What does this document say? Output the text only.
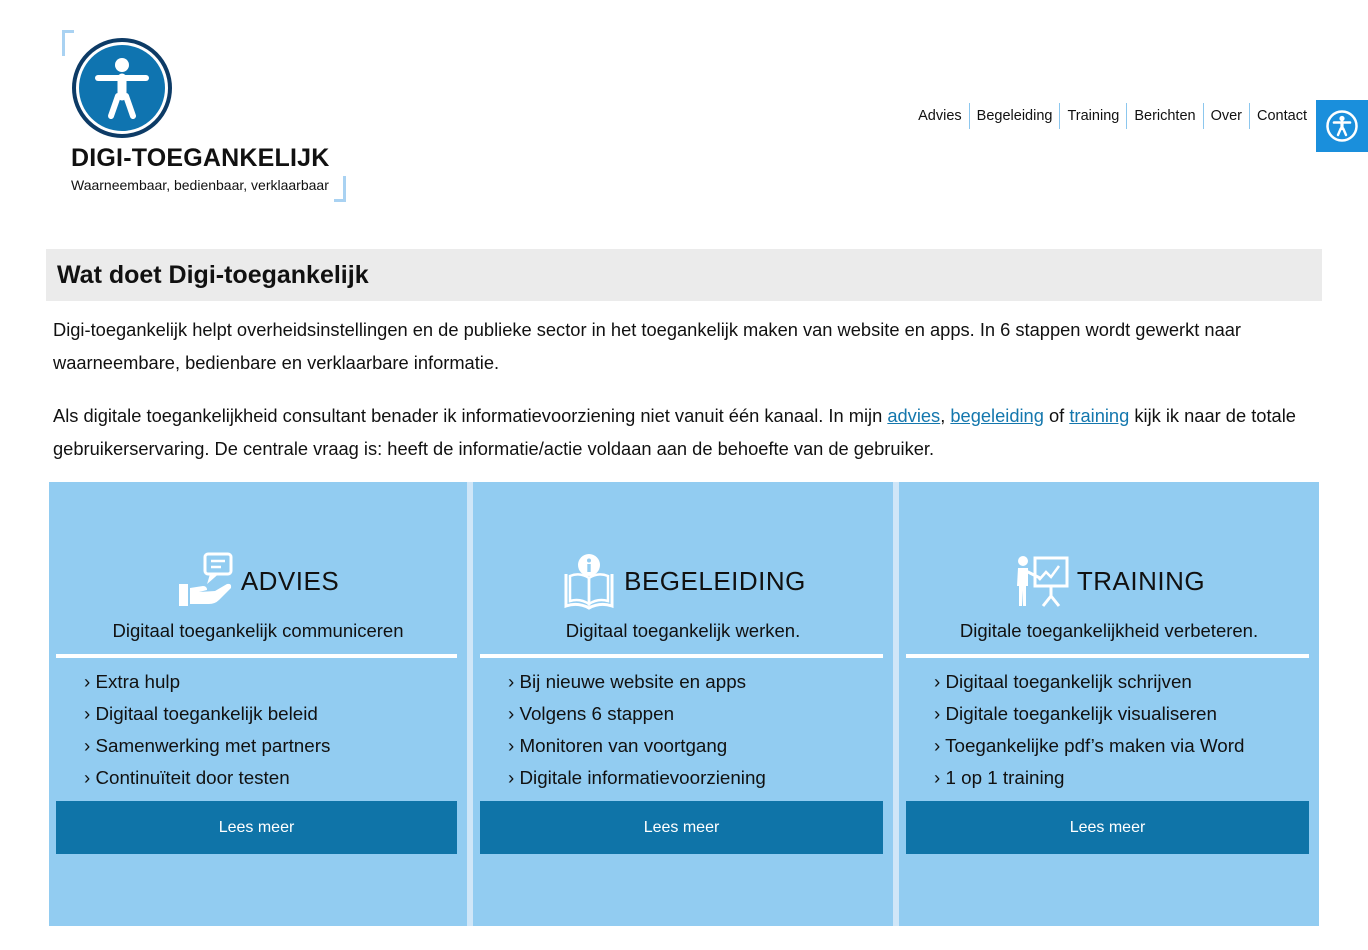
DIGI-TOEGANKELIJK
Waarneembaar, bedienbaar, verklaarbaar
Advies	Begeleiding	Training	Berichten	Over	Contact
Wat doet Digi-toegankelijk

Digi-toegankelijk helpt overheidsinstellingen en de publieke sector in het toegankelijk maken van website en apps. In 6 stappen wordt gewerkt naar waarneembare, bedienbare en verklaarbare informatie.

Als digitale toegankelijkheid consultant benader ik informatievoorziening niet vanuit één kanaal. In mijn advies, begeleiding of training kijk ik naar de totale gebruikerservaring. De centrale vraag is: heeft de informatie/actie voldaan aan de behoefte van de gebruiker.

ADVIES
Digitaal toegankelijk communiceren
› Extra hulp
› Digitaal toegankelijk beleid
› Samenwerking met partners
› Continuïteit door testen
Lees meer
BEGELEIDING
Digitaal toegankelijk werken.
› Bij nieuwe website en apps
› Volgens 6 stappen
› Monitoren van voortgang
› Digitale informatievoorziening
Lees meer
TRAINING
Digitale toegankelijkheid verbeteren.
› Digitaal toegankelijk schrijven
› Digitale toegankelijk visualiseren
› Toegankelijke pdf’s maken via Word
› 1 op 1 training
Lees meer
